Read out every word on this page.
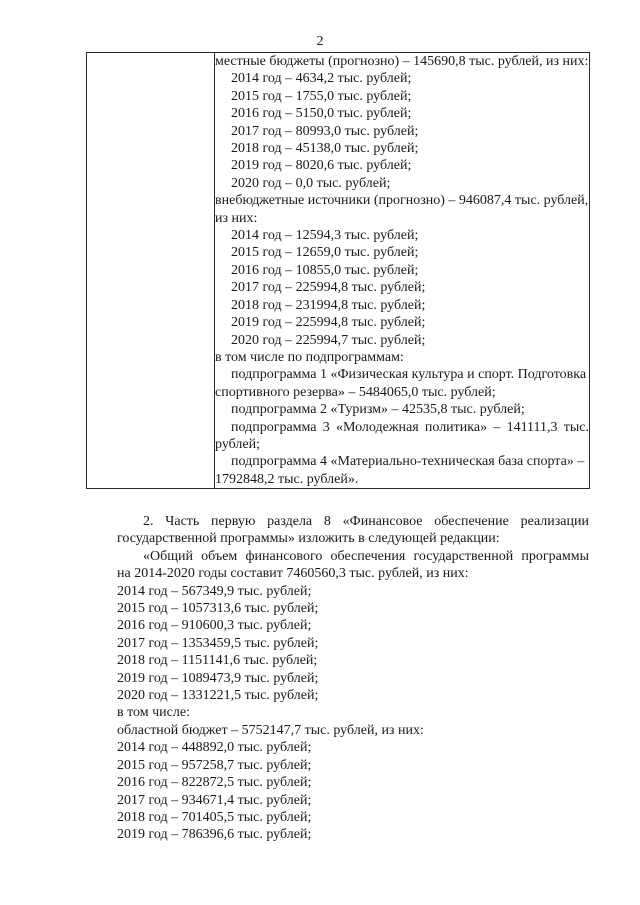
2

местные бюджеты (прогнозно) – 145690,8 тыс. рублей, из них:
2014 год – 4634,2 тыс. рублей;
2015 год – 1755,0 тыс. рублей;
2016 год – 5150,0 тыс. рублей;
2017 год – 80993,0 тыс. рублей;
2018 год – 45138,0 тыс. рублей;
2019 год – 8020,6 тыс. рублей;
2020 год – 0,0 тыс. рублей;
внебюджетные источники (прогнозно) – 946087,4 тыс. рублей,
из них:
2014 год – 12594,3 тыс. рублей;
2015 год – 12659,0 тыс. рублей;
2016 год – 10855,0 тыс. рублей;
2017 год – 225994,8 тыс. рублей;
2018 год – 231994,8 тыс. рублей;
2019 год – 225994,8 тыс. рублей;
2020 год – 225994,7 тыс. рублей;
в том числе по подпрограммам:
подпрограмма 1 «Физическая культура и спорт. Подготовка
спортивного резерва» – 5484065,0 тыс. рублей;
подпрограмма 2 «Туризм» – 42535,8 тыс. рублей;
подпрограмма 3 «Молодежная политика» – 141111,3 тыс.
рублей;
подпрограмма 4 «Материально-техническая база спорта» –
1792848,2 тыс. рублей».
2. Часть первую раздела 8 «Финансовое обеспечение реализации
государственной программы» изложить в следующей редакции:
«Общий объем финансового обеспечения государственной программы
на 2014-2020 годы составит 7460560,3 тыс. рублей, из них:
2014 год – 567349,9 тыс. рублей;
2015 год – 1057313,6 тыс. рублей;
2016 год – 910600,3 тыс. рублей;
2017 год – 1353459,5 тыс. рублей;
2018 год – 1151141,6 тыс. рублей;
2019 год – 1089473,9 тыс. рублей;
2020 год – 1331221,5 тыс. рублей;
в том числе:
областной бюджет – 5752147,7 тыс. рублей, из них:
2014 год – 448892,0 тыс. рублей;
2015 год – 957258,7 тыс. рублей;
2016 год – 822872,5 тыс. рублей;
2017 год – 934671,4 тыс. рублей;
2018 год – 701405,5 тыс. рублей;
2019 год – 786396,6 тыс. рублей;
